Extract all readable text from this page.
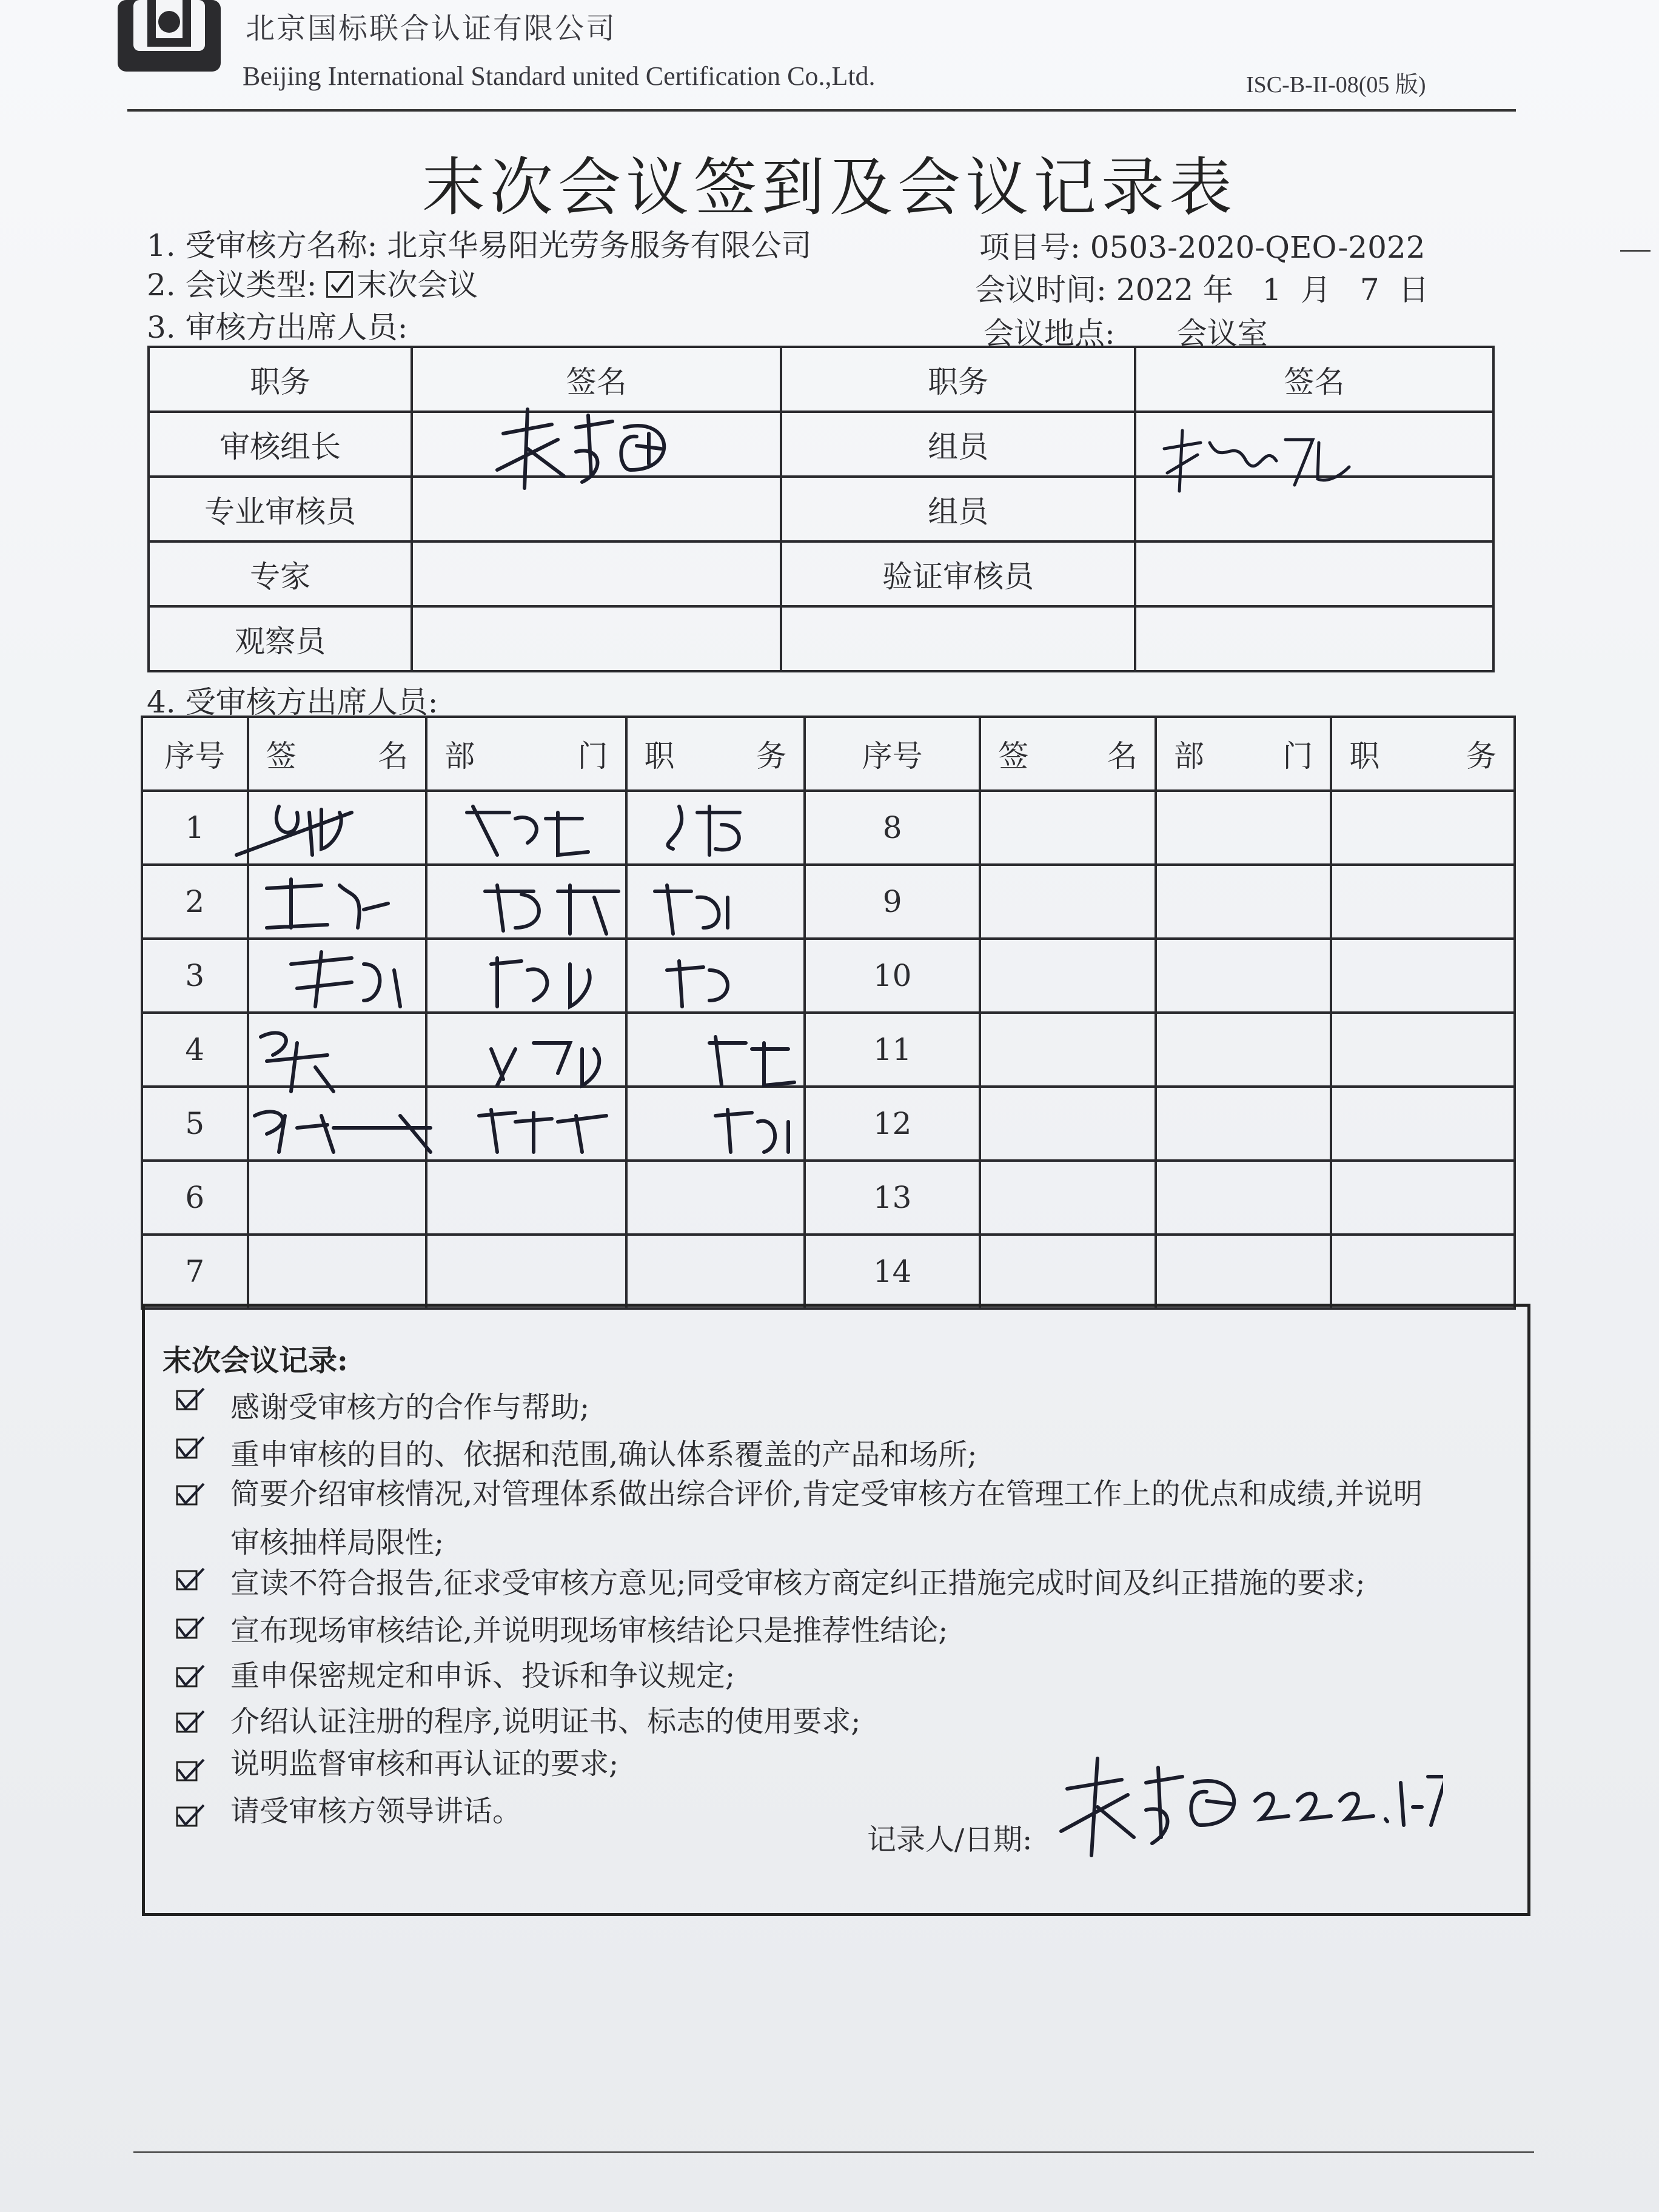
北京国标联合认证有限公司
Beijing International Standard united Certification Co.,Ltd.	ISC-B-II-08(05 版)
末次会议签到及会议记录表
1. 受审核方名称: 北京华易阳光劳务服务有限公司	项目号: 0503-2020-QEO-2022
2. 会议类型: 末次会议	会议时间: 2022 年   1  月   7  日
3. 审核方出席人员:	会议地点: 会议室
职务	签名	职务	签名
审核组长		组员	
专业审核员		组员	
专家		验证审核员	
观察员			
4. 受审核方出席人员:
序号	签 名	部 门	职 务	序号	签 名	部 门	职 务

1				8			
2				9			
3				10			
4				11			
5				12			
6				13			
7				14			
末次会议记录:
感谢受审核方的合作与帮助;
重申审核的目的、依据和范围,确认体系覆盖的产品和场所;
简要介绍审核情况,对管理体系做出综合评价,肯定受审核方在管理工作上的优点和成绩,并说明
审核抽样局限性;
宣读不符合报告,征求受审核方意见;同受审核方商定纠正措施完成时间及纠正措施的要求;
宣布现场审核结论,并说明现场审核结论只是推荐性结论;
重申保密规定和申诉、投诉和争议规定;
介绍认证注册的程序,说明证书、标志的使用要求;
说明监督审核和再认证的要求;
请受审核方领导讲话。
记录人/日期:
